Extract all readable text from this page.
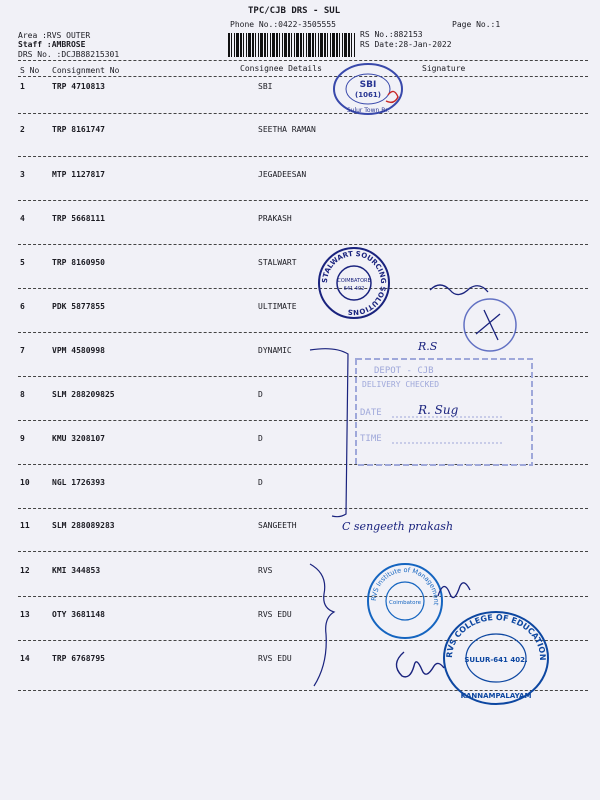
TPC/CJB DRS - SUL
Phone No.:0422-3505555	Page No.:1
Area :RVS OUTER
Staff :AMBROSE
DRS No. :DCJB88215301
RS No.:882153
RS Date:28-Jan-2022
S No Consignment No	Consignee Details	Signature
1	TRP 4710813	SBI
2	TRP 8161747	SEETHA RAMAN
3	MTP 1127817	JEGADEESAN
4	TRP 5668111	PRAKASH
5	TRP 8160950	STALWART
6	PDK 5877855	ULTIMATE
7	VPM 4580998	DYNAMIC
8	SLM 288209825	D
9	KMU 3208107	D
10	NGL 1726393	D
11	SLM 288089283	SANGEETH
12	KMI 344853	RVS
13	OTY 3681148	RVS EDU
14	TRP 6768795	RVS EDU
SBI
(1061)
Sulur Town Br.
STALWART SOURCING SOLUTIONS
COIMBATORE
641 402
R.S
DEPOT - CJB
DELIVERY CHECKED
DATE
TIME
R. Sug
C sengeeth prakash
RVS Institute of Management
Coimbatore
RVS COLLEGE OF EDUCATION
SULUR-641 402.
KANNAMPALAYAM
